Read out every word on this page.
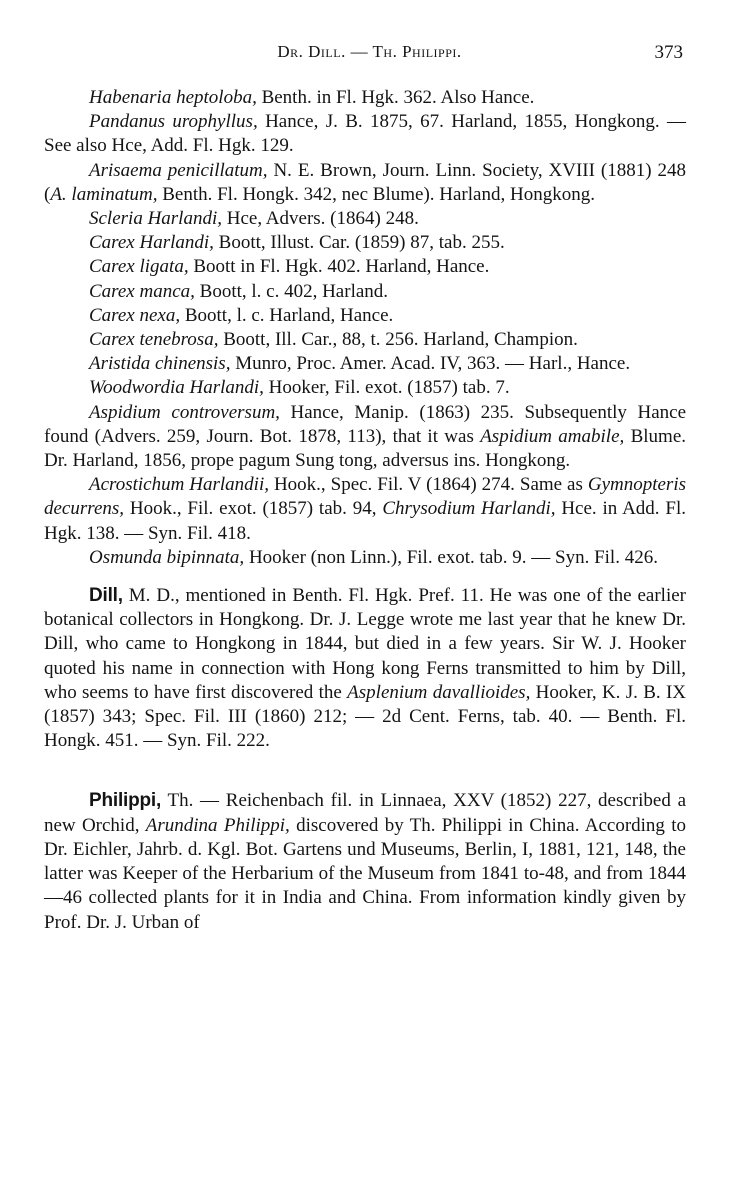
Dr. Dill. — Th. Philippi.	373

Habenaria heptoloba, Benth. in Fl. Hgk. 362. Also Hance.

Pandanus urophyllus, Hance, J. B. 1875, 67. Harland, 1855, Hongkong. — See also Hce, Add. Fl. Hgk. 129.

Arisaema penicillatum, N. E. Brown, Journ. Linn. Society, XVIII (1881) 248 (A. laminatum, Benth. Fl. Hongk. 342, nec Blume). Harland, Hongkong.

Scleria Harlandi, Hce, Advers. (1864) 248.

Carex Harlandi, Boott, Illust. Car. (1859) 87, tab. 255.

Carex ligata, Boott in Fl. Hgk. 402. Harland, Hance.

Carex manca, Boott, l. c. 402, Harland.

Carex nexa, Boott, l. c. Harland, Hance.

Carex tenebrosa, Boott, Ill. Car., 88, t. 256. Harland, Champion.

Aristida chinensis, Munro, Proc. Amer. Acad. IV, 363. — Harl., Hance.

Woodwordia Harlandi, Hooker, Fil. exot. (1857) tab. 7.

Aspidium controversum, Hance, Manip. (1863) 235. Subsequently Hance found (Advers. 259, Journ. Bot. 1878, 113), that it was Aspidium amabile, Blume. Dr. Harland, 1856, prope pagum Sung tong, adversus ins. Hongkong.

Acrostichum Harlandii, Hook., Spec. Fil. V (1864) 274. Same as Gymnopteris decurrens, Hook., Fil. exot. (1857) tab. 94, Chrysodium Harlandi, Hce. in Add. Fl. Hgk. 138. — Syn. Fil. 418.

Osmunda bipinnata, Hooker (non Linn.), Fil. exot. tab. 9. — Syn. Fil. 426.

Dill, M. D., mentioned in Benth. Fl. Hgk. Pref. 11. He was one of the earlier botanical collectors in Hongkong. Dr. J. Legge wrote me last year that he knew Dr. Dill, who came to Hongkong in 1844, but died in a few years. Sir W. J. Hooker quoted his name in connection with Hong kong Ferns transmitted to him by Dill, who seems to have first discovered the Asplenium davallioides, Hooker, K. J. B. IX (1857) 343; Spec. Fil. III (1860) 212; — 2d Cent. Ferns, tab. 40. — Benth. Fl. Hongk. 451. — Syn. Fil. 222.

Philippi, Th. — Reichenbach fil. in Linnaea, XXV (1852) 227, described a new Orchid, Arundina Philippi, discovered by Th. Philippi in China. According to Dr. Eichler, Jahrb. d. Kgl. Bot. Gartens und Museums, Berlin, I, 1881, 121, 148, the latter was Keeper of the Herbarium of the Museum from 1841 to-48, and from 1844—46 collected plants for it in India and China. From information kindly given by Prof. Dr. J. Urban of
